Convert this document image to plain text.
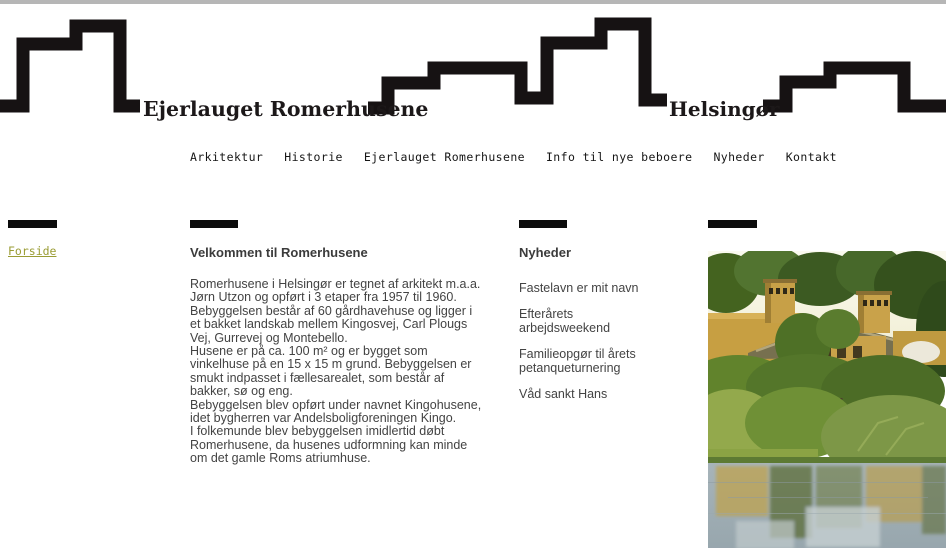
Ejerlauget Romerhusene	Helsingør
Arkitektur Historie Ejerlauget Romerhusene Info til nye beboere Nyheder Kontakt
Forside	Velkommen til Romerhusene
Romerhusene i Helsingør er tegnet af arkitekt m.a.a. Jørn Utzon og opført i 3 etaper fra 1957 til 1960.
Bebyggelsen består af 60 gårdhavehuse og ligger i et bakket landskab mellem Kingosvej, Carl Plougs Vej, Gurrevej og Montebello.
Husene er på ca. 100 m² og er bygget som vinkelhuse på en 15 x 15 m grund. Bebyggelsen er smukt indpasset i fællesarealet, som består af bakker, sø og eng.
Bebyggelsen blev opført under navnet Kingohusene, idet bygherren var Andelsboligforeningen Kingo.
I folkemunde blev bebyggelsen imidlertid døbt Romerhusene, da husenes udformning kan minde om det gamle Roms atriumhuse.
Nyheder
Fastelavn er mit navn
Efterårets arbejdsweekend
Familieopgør til årets petanqueturnering
Våd sankt Hans
